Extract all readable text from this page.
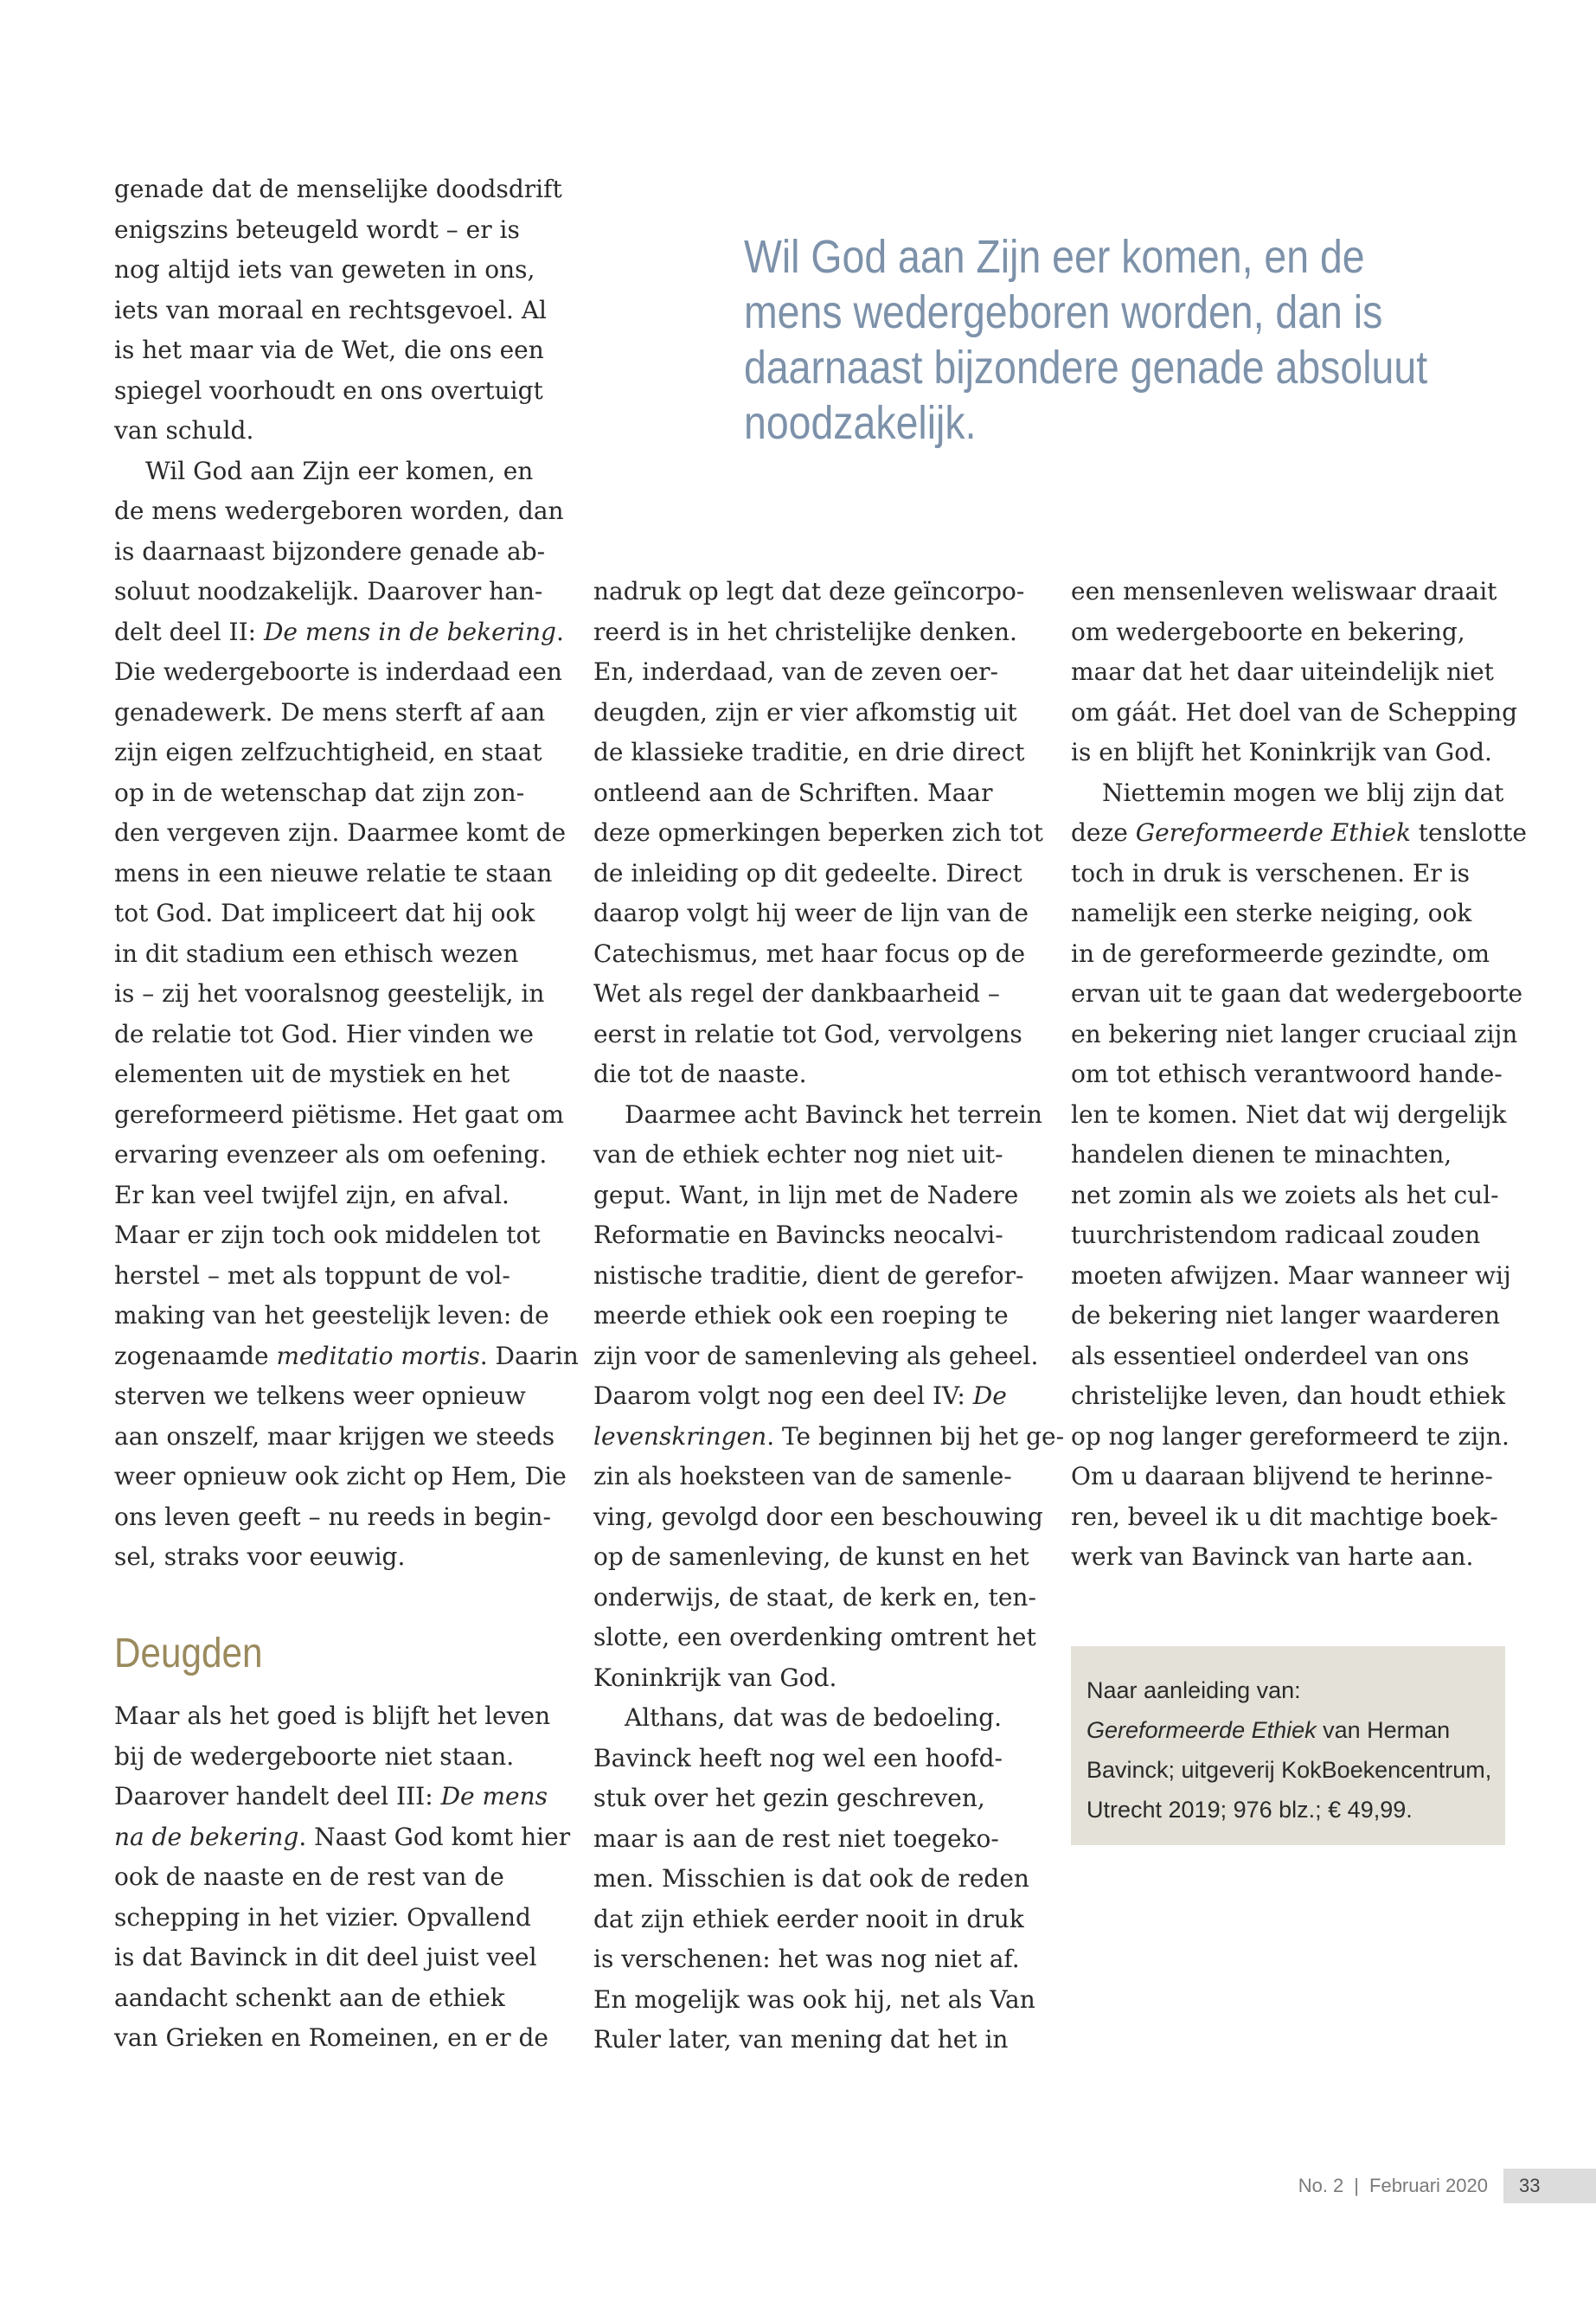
Wil God aan Zijn eer komen, en de
mens wedergeboren worden, dan is
daarnaast bijzondere genade absoluut
noodzakelijk.
genade dat de menselijke doodsdrift
enigszins beteugeld wordt – er is
nog altijd iets van geweten in ons,
iets van moraal en rechtsgevoel. Al
is het maar via de Wet, die ons een
spiegel voorhoudt en ons overtuigt
van schuld.
Wil God aan Zijn eer komen, en
de mens wedergeboren worden, dan
is daarnaast bijzondere genade ab-
soluut noodzakelijk. Daarover han-
delt deel II: De mens in de bekering.
Die wedergeboorte is inderdaad een
genadewerk. De mens sterft af aan
zijn eigen zelfzuchtigheid, en staat
op in de wetenschap dat zijn zon-
den vergeven zijn. Daarmee komt de
mens in een nieuwe relatie te staan
tot God. Dat impliceert dat hij ook
in dit stadium een ethisch wezen
is – zij het vooralsnog geestelijk, in
de relatie tot God. Hier vinden we
elementen uit de mystiek en het
gereformeerd piëtisme. Het gaat om
ervaring evenzeer als om oefening.
Er kan veel twijfel zijn, en afval.
Maar er zijn toch ook middelen tot
herstel – met als toppunt de vol-
making van het geestelijk leven: de
zogenaamde meditatio mortis. Daarin
sterven we telkens weer opnieuw
aan onszelf, maar krijgen we steeds
weer opnieuw ook zicht op Hem, Die
ons leven geeft – nu reeds in begin-
sel, straks voor eeuwig.
Deugden
Maar als het goed is blijft het leven
bij de wedergeboorte niet staan.
Daarover handelt deel III: De mens
na de bekering. Naast God komt hier
ook de naaste en de rest van de
schepping in het vizier. Opvallend
is dat Bavinck in dit deel juist veel
aandacht schenkt aan de ethiek
van Grieken en Romeinen, en er de
nadruk op legt dat deze geïncorpo-
reerd is in het christelijke denken.
En, inderdaad, van de zeven oer-
deugden, zijn er vier afkomstig uit
de klassieke traditie, en drie direct
ontleend aan de Schriften. Maar
deze opmerkingen beperken zich tot
de inleiding op dit gedeelte. Direct
daarop volgt hij weer de lijn van de
Catechismus, met haar focus op de
Wet als regel der dankbaarheid –
eerst in relatie tot God, vervolgens
die tot de naaste.
Daarmee acht Bavinck het terrein
van de ethiek echter nog niet uit-
geput. Want, in lijn met de Nadere
Reformatie en Bavincks neocalvi-
nistische traditie, dient de gerefor-
meerde ethiek ook een roeping te
zijn voor de samenleving als geheel.
Daarom volgt nog een deel IV: De
levenskringen. Te beginnen bij het ge-
zin als hoeksteen van de samenle-
ving, gevolgd door een beschouwing
op de samenleving, de kunst en het
onderwijs, de staat, de kerk en, ten-
slotte, een overdenking omtrent het
Koninkrijk van God.
Althans, dat was de bedoeling.
Bavinck heeft nog wel een hoofd-
stuk over het gezin geschreven,
maar is aan de rest niet toegeko-
men. Misschien is dat ook de reden
dat zijn ethiek eerder nooit in druk
is verschenen: het was nog niet af.
En mogelijk was ook hij, net als Van
Ruler later, van mening dat het in
een mensenleven weliswaar draait
om wedergeboorte en bekering,
maar dat het daar uiteindelijk niet
om gáát. Het doel van de Schepping
is en blijft het Koninkrijk van God.
Niettemin mogen we blij zijn dat
deze Gereformeerde Ethiek tenslotte
toch in druk is verschenen. Er is
namelijk een sterke neiging, ook
in de gereformeerde gezindte, om
ervan uit te gaan dat wedergeboorte
en bekering niet langer cruciaal zijn
om tot ethisch verantwoord hande-
len te komen. Niet dat wij dergelijk
handelen dienen te minachten,
net zomin als we zoiets als het cul-
tuurchristendom radicaal zouden
moeten afwijzen. Maar wanneer wij
de bekering niet langer waarderen
als essentieel onderdeel van ons
christelijke leven, dan houdt ethiek
op nog langer gereformeerd te zijn.
Om u daaraan blijvend te herinne-
ren, beveel ik u dit machtige boek-
werk van Bavinck van harte aan.
Naar aanleiding van:
Gereformeerde Ethiek van Herman
Bavinck; uitgeverij KokBoekencentrum,
Utrecht 2019; 976 blz.; € 49,99.
No. 2 | Februari 2020	33
